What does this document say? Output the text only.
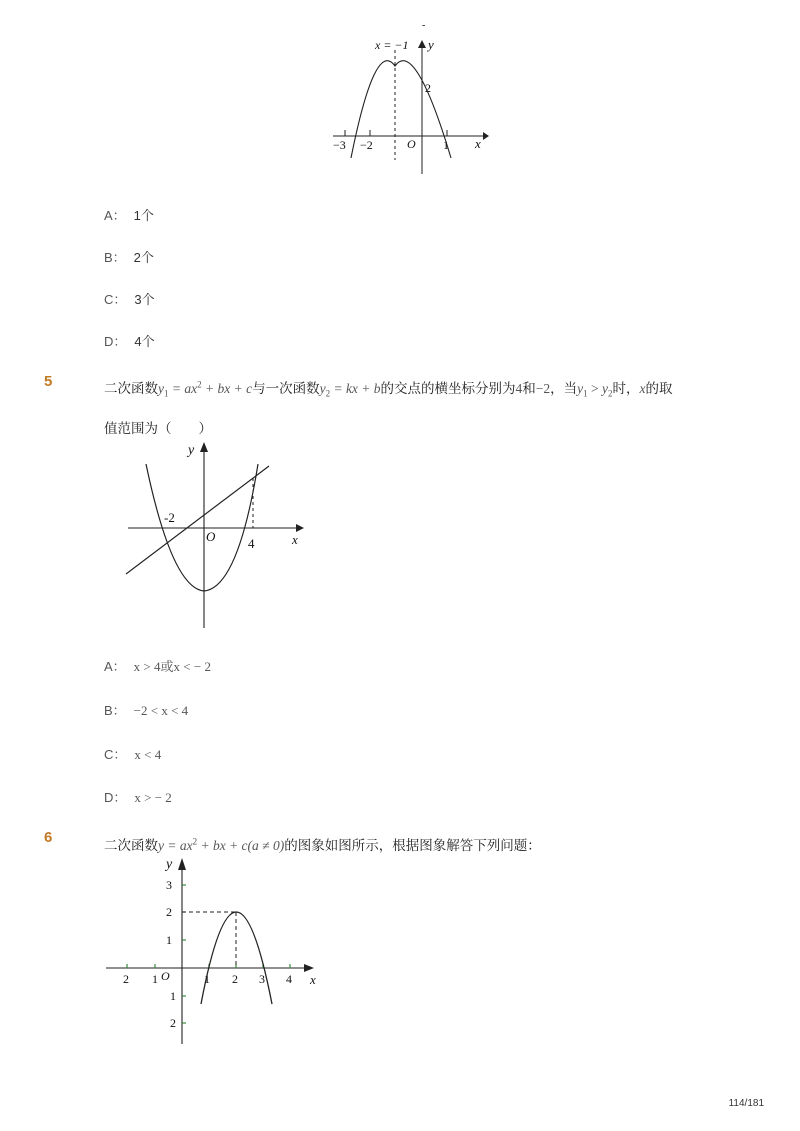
x = −1 y
x
2
O
−3 −2	1
-
A： 1个
B： 2个
C： 3个
D： 4个
5	二次函数$y_1 = ax^2$ + bx + c与一次函数$y_2$ = kx + b的交点的横坐标分别为4和−2，当$y_1 > y_2$时，x的取
值范围为（　　）
y
x
O
-2
4
A： x > 4或x < − 2
B： −2 < x < 4
C： x < 4
D： x > − 2
6	二次函数$y = ax^2$ + bx + c(a ≠ 0)的图象如图所示，根据图象解答下列问题：
y
x
O
3
2
1
1
2
2 1	1 2 3 4
114/181
